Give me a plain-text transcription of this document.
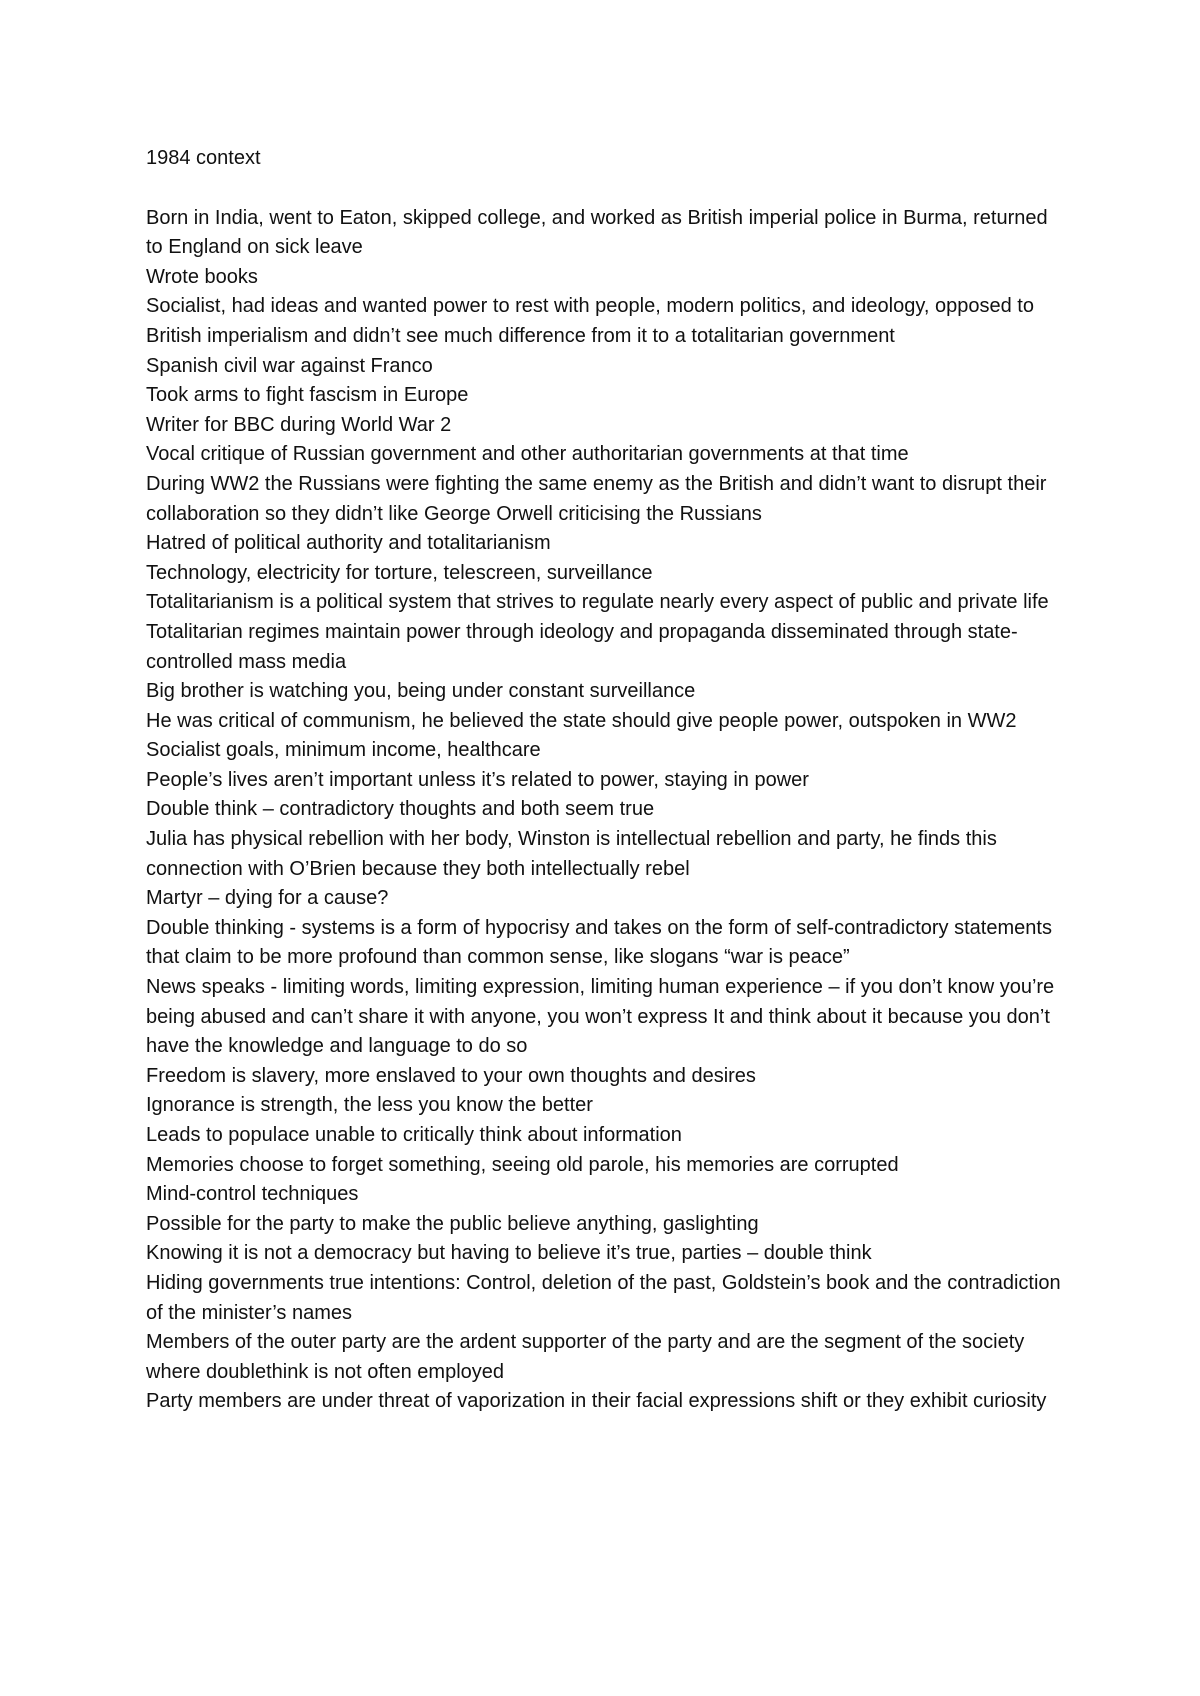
1984 context
Born in India, went to Eaton, skipped college, and worked as British imperial police in Burma, returned to England on sick leave
Wrote books
Socialist, had ideas and wanted power to rest with people, modern politics, and ideology, opposed to British imperialism and didn’t see much difference from it to a totalitarian government
Spanish civil war against Franco
Took arms to fight fascism in Europe
Writer for BBC during World War 2
Vocal critique of Russian government and other authoritarian governments at that time
During WW2 the Russians were fighting the same enemy as the British and didn’t want to disrupt their collaboration so they didn’t like George Orwell criticising the Russians
Hatred of political authority and totalitarianism
Technology, electricity for torture, telescreen, surveillance
Totalitarianism is a political system that strives to regulate nearly every aspect of public and private life
Totalitarian regimes maintain power through ideology and propaganda disseminated through state-controlled mass media
Big brother is watching you, being under constant surveillance
He was critical of communism, he believed the state should give people power, outspoken in WW2
Socialist goals, minimum income, healthcare
People’s lives aren’t important unless it’s related to power, staying in power
Double think – contradictory thoughts and both seem true
Julia has physical rebellion with her body, Winston is intellectual rebellion and party, he finds this connection with O’Brien because they both intellectually rebel
Martyr – dying for a cause?
Double thinking - systems is a form of hypocrisy and takes on the form of self-contradictory statements that claim to be more profound than common sense, like slogans “war is peace”
News speaks - limiting words, limiting expression, limiting human experience – if you don’t know you’re being abused and can’t share it with anyone, you won’t express It and think about it because you don’t have the knowledge and language to do so
Freedom is slavery, more enslaved to your own thoughts and desires
Ignorance is strength, the less you know the better
Leads to populace unable to critically think about information
Memories choose to forget something, seeing old parole, his memories are corrupted
Mind-control techniques
Possible for the party to make the public believe anything, gaslighting
Knowing it is not a democracy but having to believe it’s true, parties – double think
Hiding governments true intentions: Control, deletion of the past, Goldstein’s book and the contradiction of the minister’s names
Members of the outer party are the ardent supporter of the party and are the segment of the society where doublethink is not often employed
Party members are under threat of vaporization in their facial expressions shift or they exhibit curiosity
